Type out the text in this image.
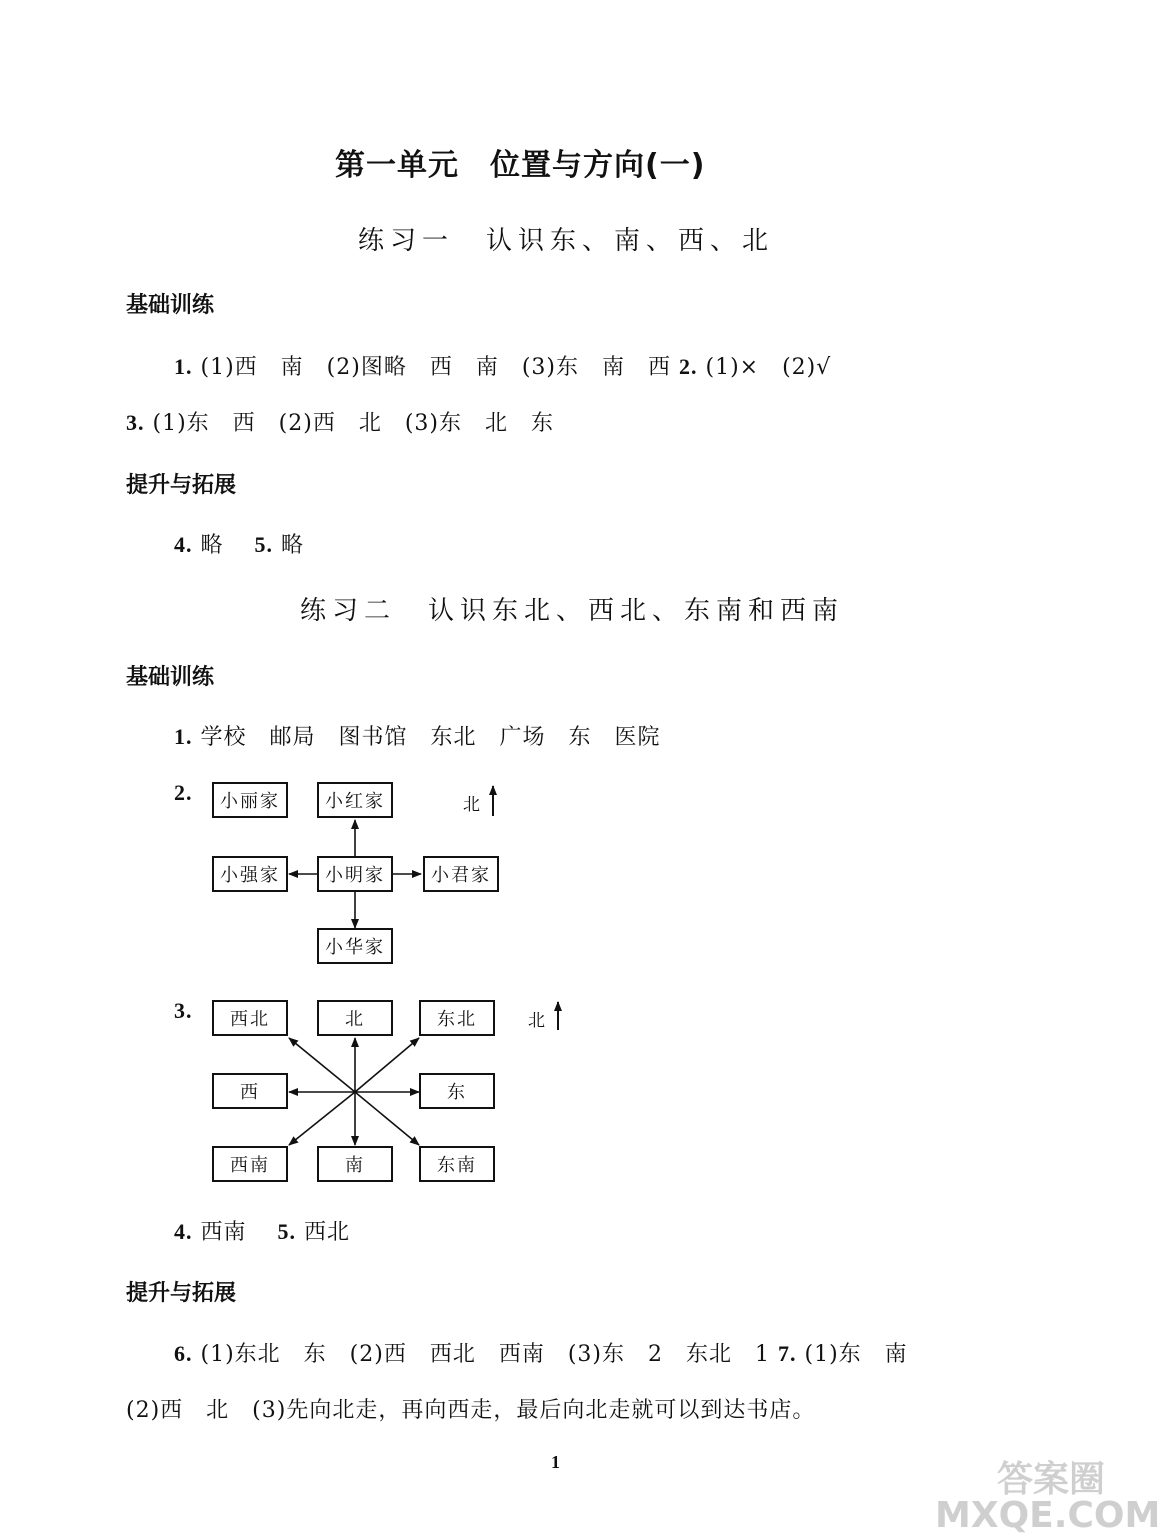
第一单元　位置与方向(一)
练习一　认识东、南、西、北
基础训练
1. (1)西　南　(2)图略　西　南　(3)东　南　西 2. (1)×　(2)√
3. (1)东　西　(2)西　北　(3)东　北　东
提升与拓展
4. 略　 5. 略
练习二　认识东北、西北、东南和西南
基础训练
1. 学校　邮局　图书馆　东北　广场　东　医院
2.	小丽家	小红家
小强家	小明家	小君家
小华家
北
3.	西北	北	东北
西	东
西南	南	东南
北
4. 西南　 5. 西北
提升与拓展
6. (1)东北　东　(2)西　西北　西南　(3)东　2　东北　1 7. (1)东　南
(2)西　北　(3)先向北走，再向西走，最后向北走就可以到达书店。
1	答案圈 MXQE.COM
